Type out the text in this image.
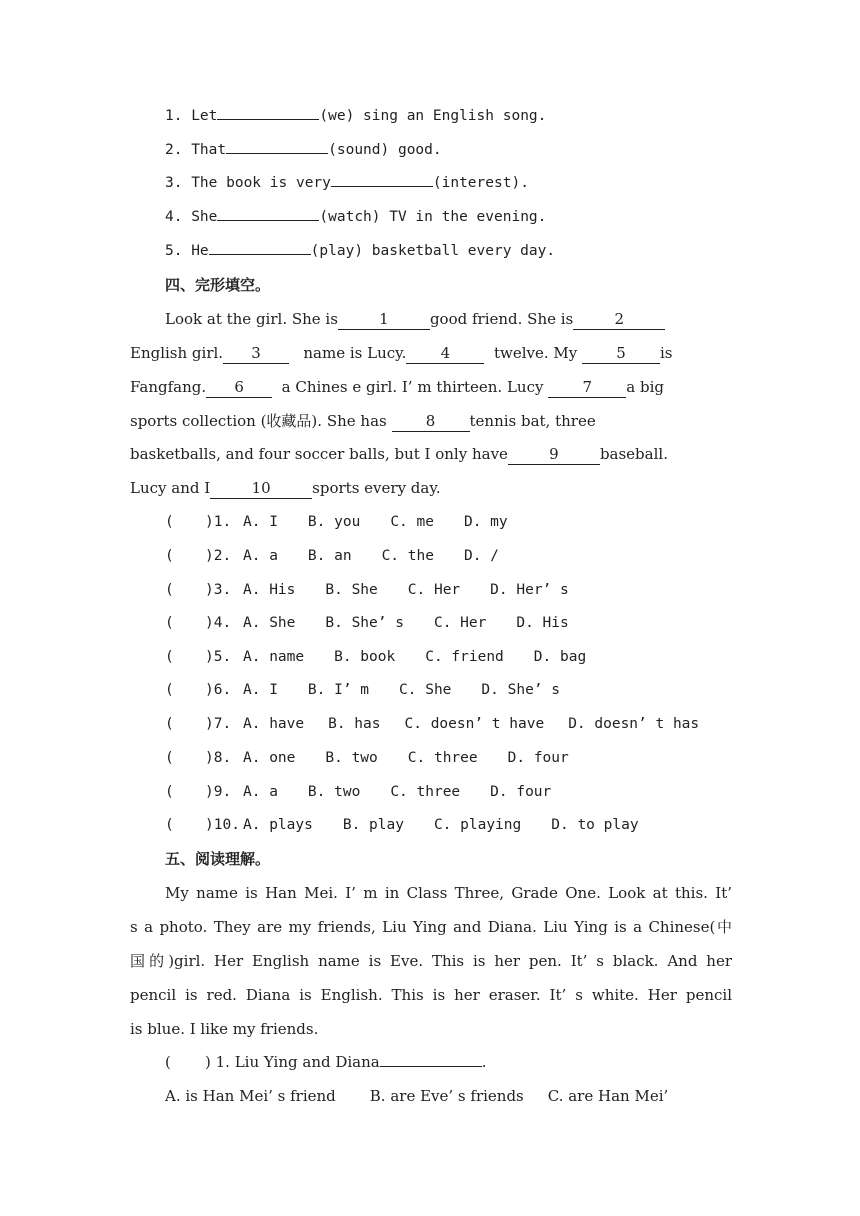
1. Let	(we) sing an English song.
2. That	(sound) good.
3. The book is very	(interest).
4. She	(watch) TV in the evening.
5. He	(play) basketball every day.
四、完形填空。
Look at the girl. She is	1	good friend. She is	2
English girl. 3	name is Lucy. 4	twelve. My	5 is
Fangfang. 6	a Chines e girl. I’ m thirteen. Lucy	7 a big
sports collection (收藏品). She has	8 tennis bat, three
basketballs, and four soccer balls, but I only have	9	baseball.
Lucy and I	10	sports every day.
( )1. A. I B. you C. me D. my
( )2. A. a B. an C. the D. /
( )3. A. His B. She C. Her D. Her’ s
( )4. A. She B. She’ s C. Her D. His
( )5. A. name B. book C. friend D. bag
( )6. A. I B. I’ m C. She D. She’ s
( )7. A. have B. has C. doesn’ t have D. doesn’ t has
( )8. A. one B. two C. three D. four
( )9. A. a B. two C. three D. four
( )10. A. plays B. play C. playing D. to play
五、阅读理解。
My name is Han Mei. I’ m in Class Three, Grade One. Look at this. It’
s a photo. They are my friends, Liu Ying and Diana. Liu Ying is a Chinese(中
国的)girl. Her English name is Eve. This is her pen. It’ s black. And her
pencil is red. Diana is English. This is her eraser. It’ s white. Her pencil
is blue. I like my friends.
( ) 1. Liu Ying and Diana	.
A. is Han Mei’ s friend B. are Eve’ s friends C. are Han Mei’
